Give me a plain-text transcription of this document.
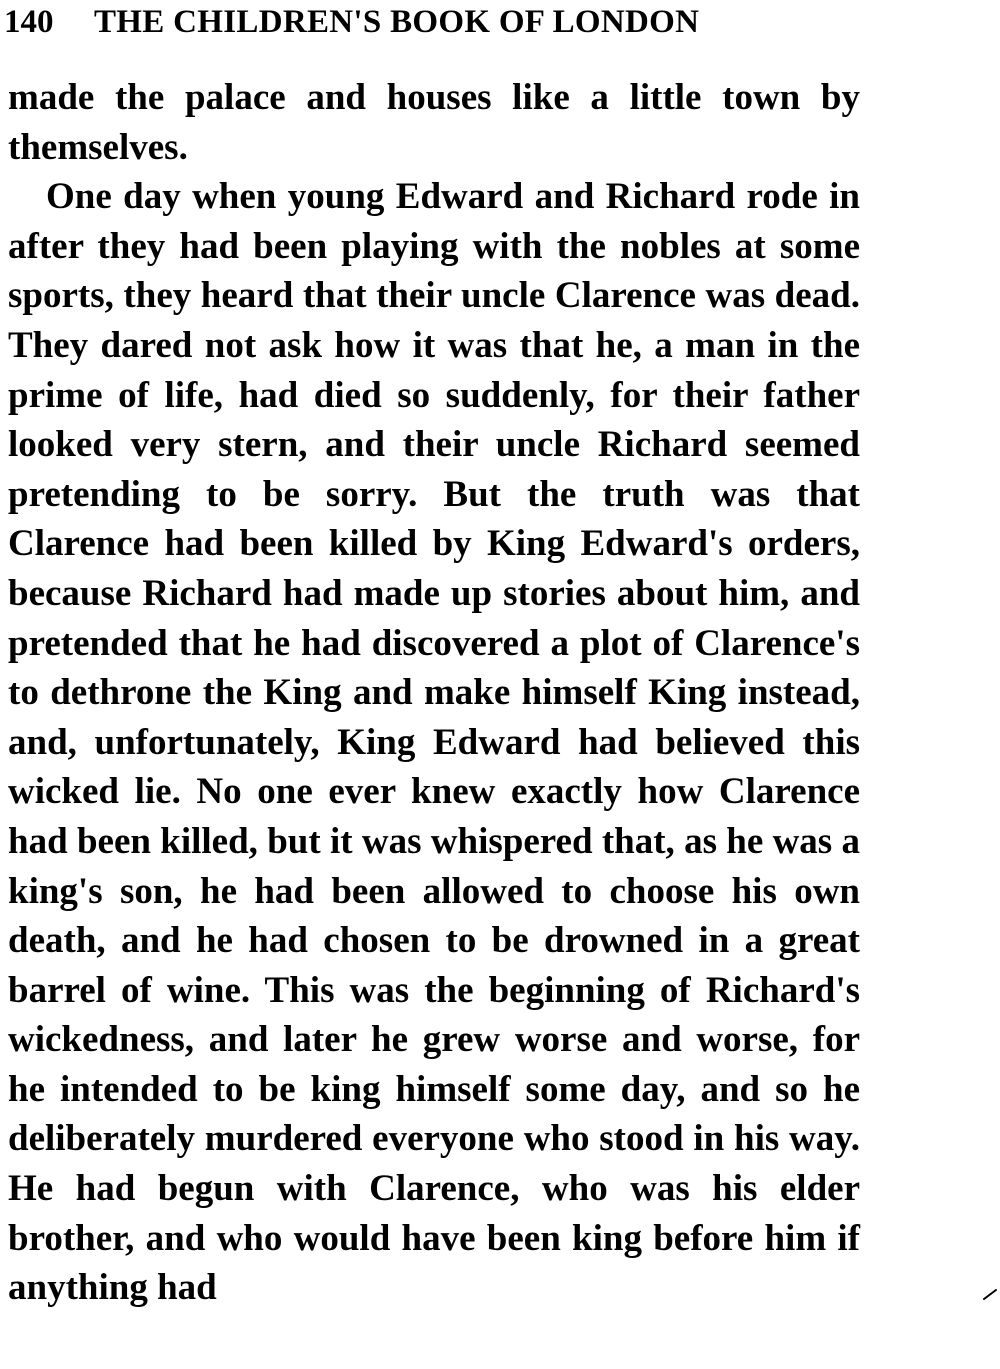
140 THE CHILDREN'S BOOK OF LONDON

made the palace and houses like a little town by themselves.

One day when young Edward and Richard rode in after they had been playing with the nobles at some sports, they heard that their uncle Clarence was dead. They dared not ask how it was that he, a man in the prime of life, had died so suddenly, for their father looked very stern, and their uncle Richard seemed pretending to be sorry. But the truth was that Clarence had been killed by King Edward's orders, because Richard had made up stories about him, and pretended that he had discovered a plot of Clarence's to dethrone the King and make himself King instead, and, unfortunately, King Edward had believed this wicked lie. No one ever knew exactly how Clarence had been killed, but it was whispered that, as he was a king's son, he had been allowed to choose his own death, and he had chosen to be drowned in a great barrel of wine. This was the beginning of Richard's wickedness, and later he grew worse and worse, for he intended to be king himself some day, and so he deliberately murdered everyone who stood in his way. He had begun with Clarence, who was his elder brother, and who would have been king before him if anything had
